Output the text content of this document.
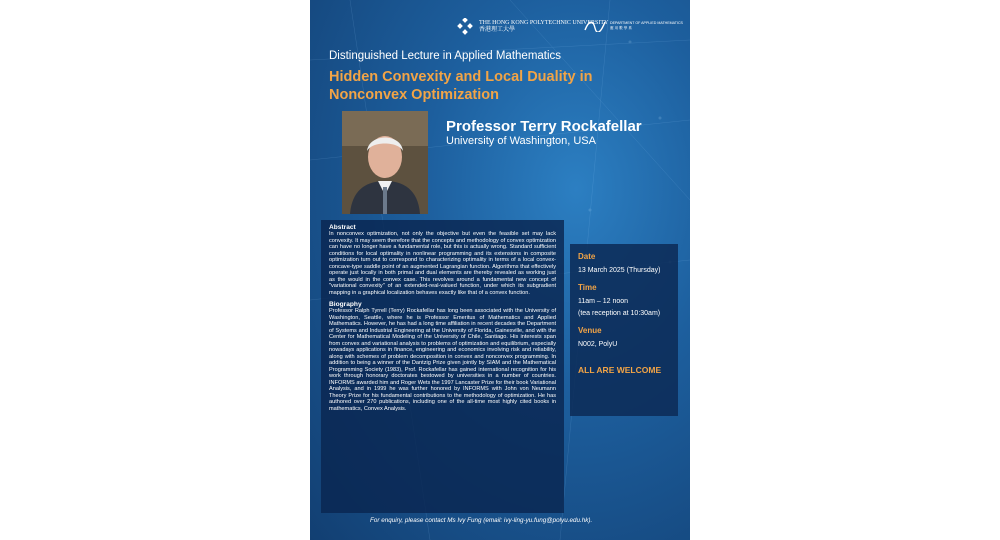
THE HONG KONG POLYTECHNIC UNIVERSITY
香港理工大學
DEPARTMENT OF APPLIED MATHEMATICS
應 用 數 學 系
Distinguished Lecture in Applied Mathematics
Hidden Convexity and Local Duality in
Nonconvex Optimization
Professor Terry Rockafellar
University of Washington, USA
Abstract

In nonconvex optimization, not only the objective but even the feasible set may lack convexity. It may seem therefore that the concepts and methodology of convex optimization can have no longer have a fundamental role, but this is actually wrong. Standard sufficient conditions for local optimality in nonlinear programming and its extensions in composite optimization turn out to correspond to characterizing optimality in terms of a local convex-concave-type saddle point of an augmented Lagrangian function. Algorithms that effectively operate just locally in both primal and dual elements are thereby revealed as working just as the would in the convex case. This revolves around a fundamental new concept of "variational convexity" of an extended-real-valued function, under which its subgradient mapping in a graphical localization behaves exactly like that of a convex function.

Biography

Professor Ralph Tyrrell (Terry) Rockafellar has long been associated with the University of Washington, Seattle, where he is Professor Emeritus of Mathematics and Applied Mathematics. However, he has had a long time affiliation in recent decades the Department of Systems and Industrial Engineering at the University of Florida, Gainesville, and with the Center for Mathematical Modeling of the University of Chile, Santiago. His interests span from convex and variational analysis to problems of optimization and equilibrium, especially nowadays applications in finance, engineering and economics involving risk and reliability, along with schemes of problem decomposition in convex and nonconvex programming. In addition to being a winner of the Dantzig Prize given jointly by SIAM and the Mathematical Programming Society (1983), Prof. Rockafellar has gained international recognition for his work through honorary doctorates bestowed by universities in a number of countries. INFORMS awarded him and Roger Wets the 1997 Lancaster Prize for their book Variational Analysis, and in 1999 he was further honored by INFORMS with John von Neumann Theory Prize for his fundamental contributions to the methodology of optimization. He has authored over 270 publications, including one of the all-time most highly cited books in mathematics, Convex Analysis.

Date
13 March 2025 (Thursday)
Time
11am – 12 noon
(tea reception at 10:30am)
Venue
N002, PolyU
ALL ARE WELCOME
For enquiry, please contact Ms Ivy Fung (email: ivy-ling-yu.fung@polyu.edu.hk).
